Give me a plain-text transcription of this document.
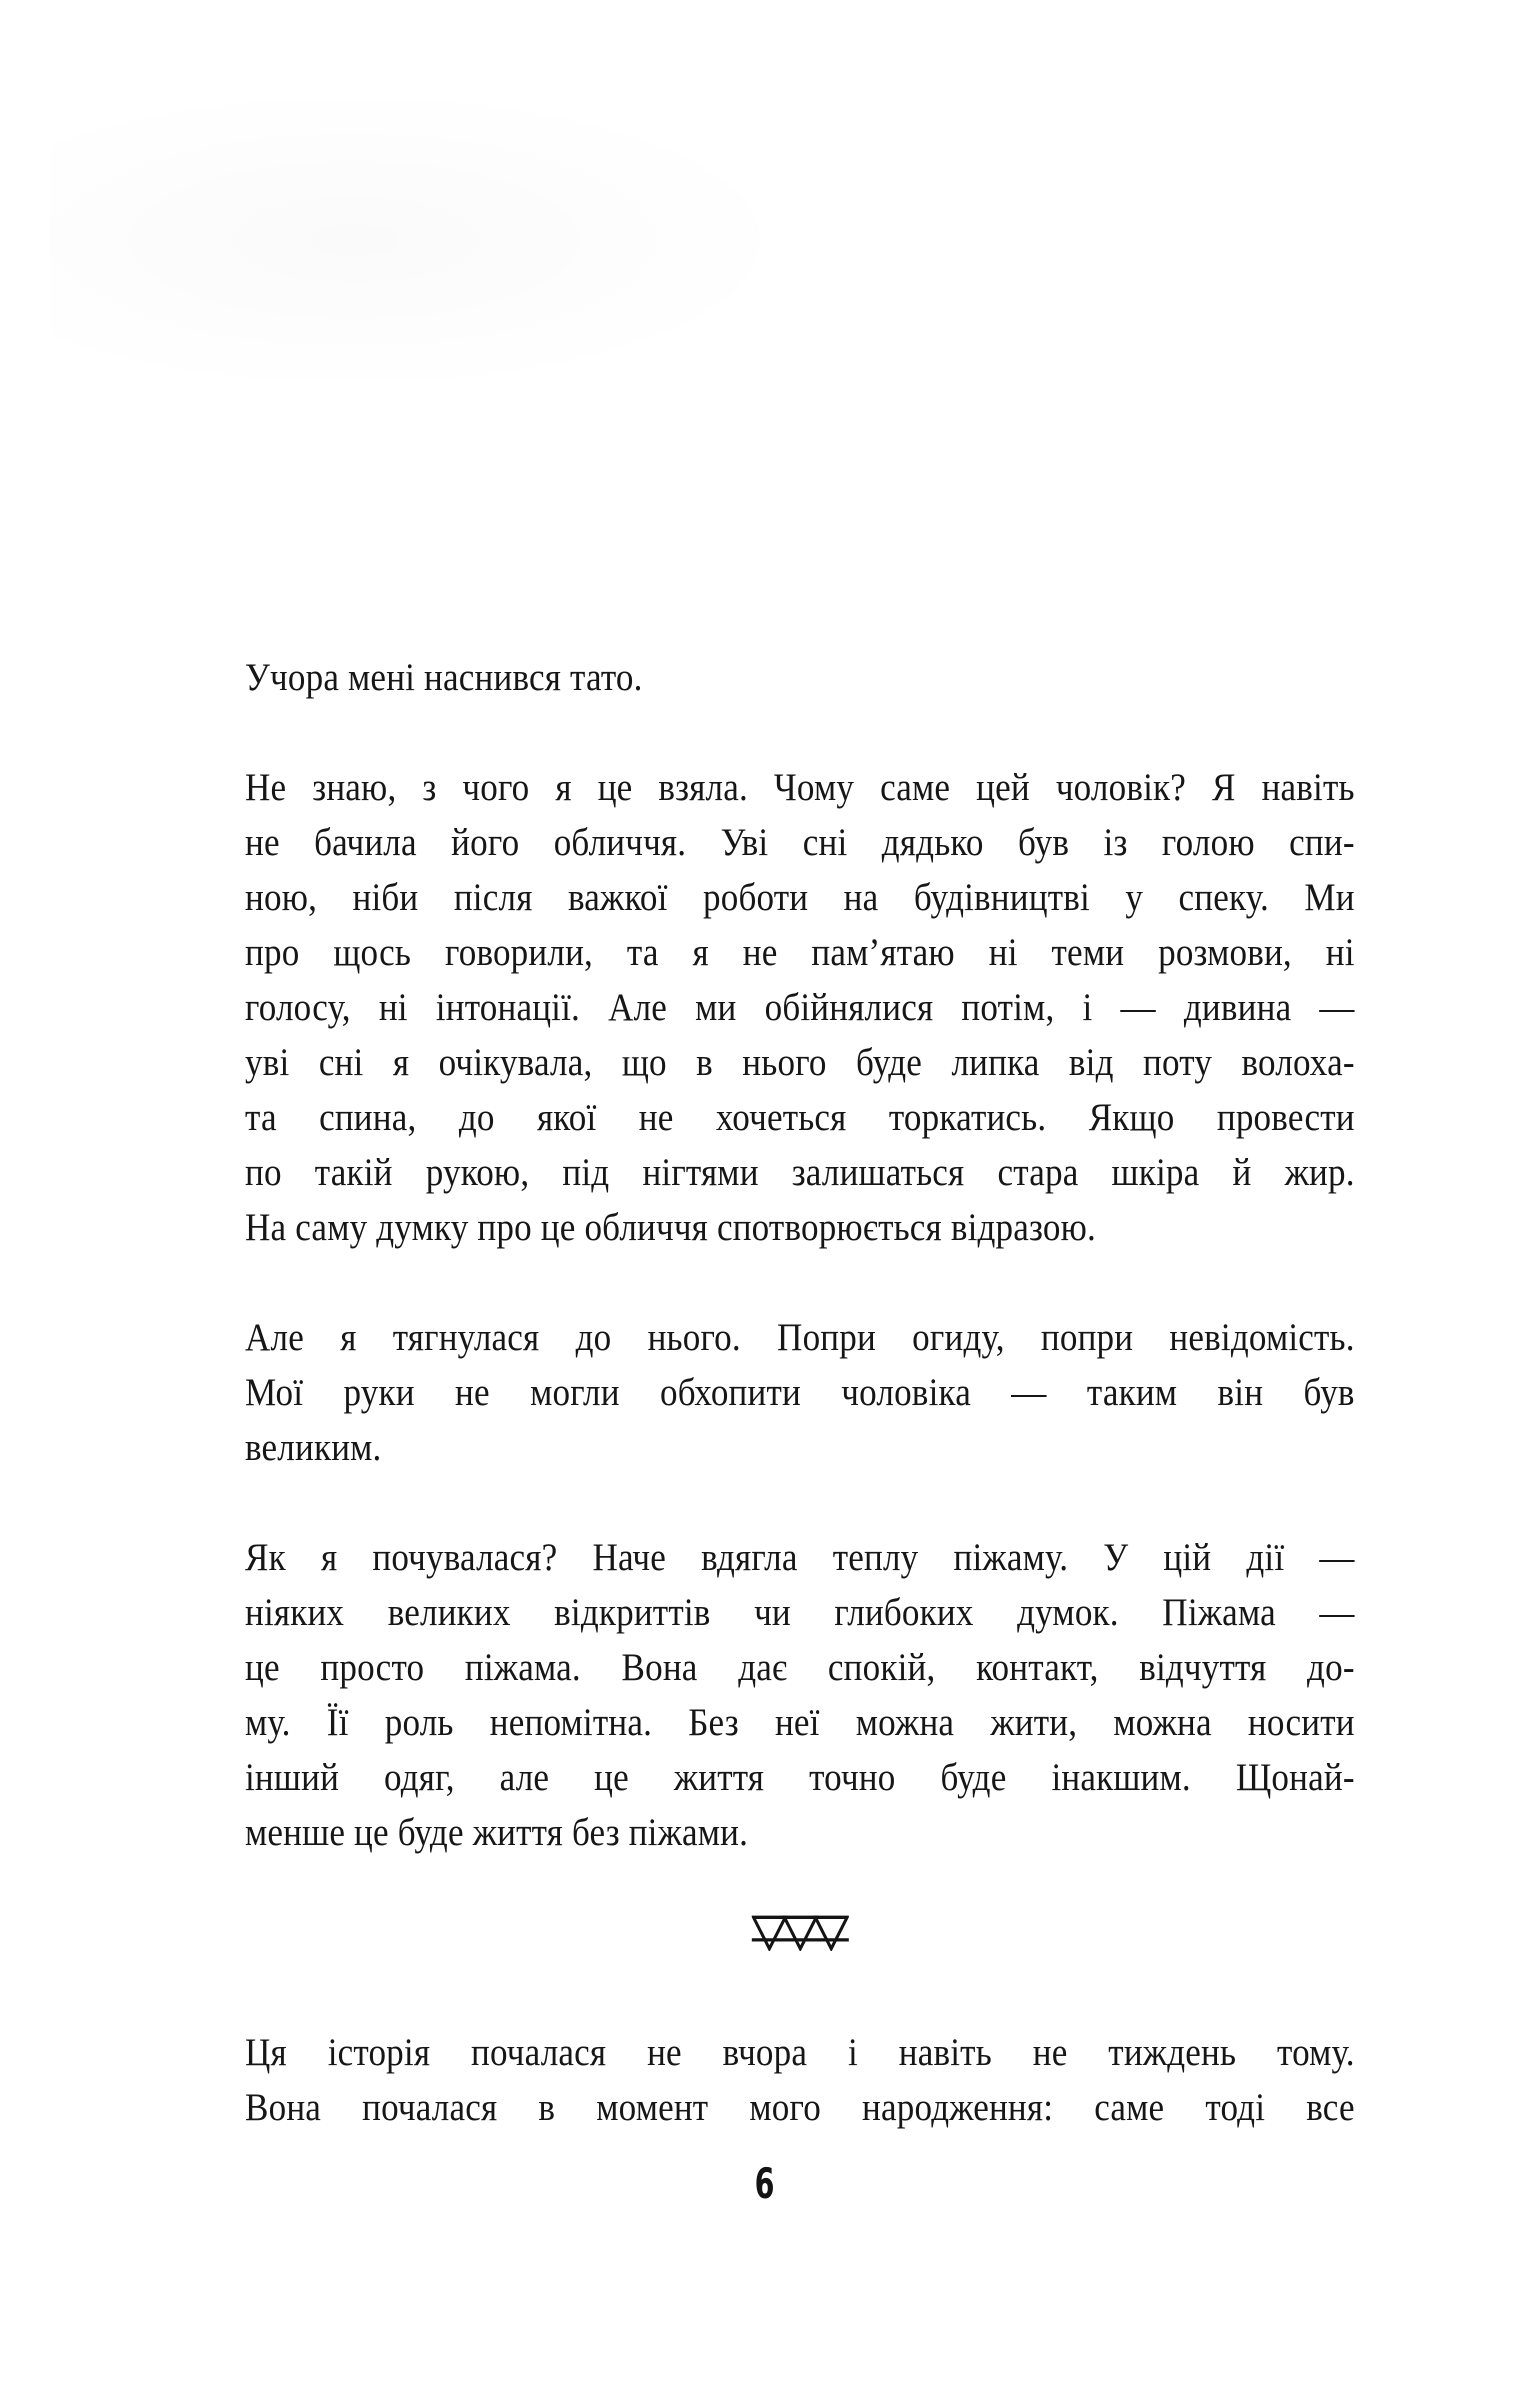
Учора мені наснився тато.
Не знаю, з чого я це взяла. Чому саме цей чоловік? Я навіть
не бачила його обличчя. Уві сні дядько був із голою спи-
ною, ніби після важкої роботи на будівництві у спеку. Ми
про щось говорили, та я не пам’ятаю ні теми розмови, ні
голосу, ні інтонації. Але ми обійнялися потім, і — дивина —
уві сні я очікувала, що в нього буде липка від поту волоха-
та спина, до якої не хочеться торкатись. Якщо провести
по такій рукою, під нігтями залишаться стара шкіра й жир.
На саму думку про це обличчя спотворюється відразою.
Але я тягнулася до нього. Попри огиду, попри невідомість.
Мої руки не могли обхопити чоловіка — таким він був
великим.
Як я почувалася? Наче вдягла теплу піжаму. У цій дії —
ніяких великих відкриттів чи глибоких думок. Піжама —
це просто піжама. Вона дає спокій, контакт, відчуття до-
му. Її роль непомітна. Без неї можна жити, можна носити
інший одяг, але це життя точно буде інакшим. Щонай-
менше це буде життя без піжами.
Ця історія почалася не вчора і навіть не тиждень тому.
Вона почалася в момент мого народження: саме тоді все
6
